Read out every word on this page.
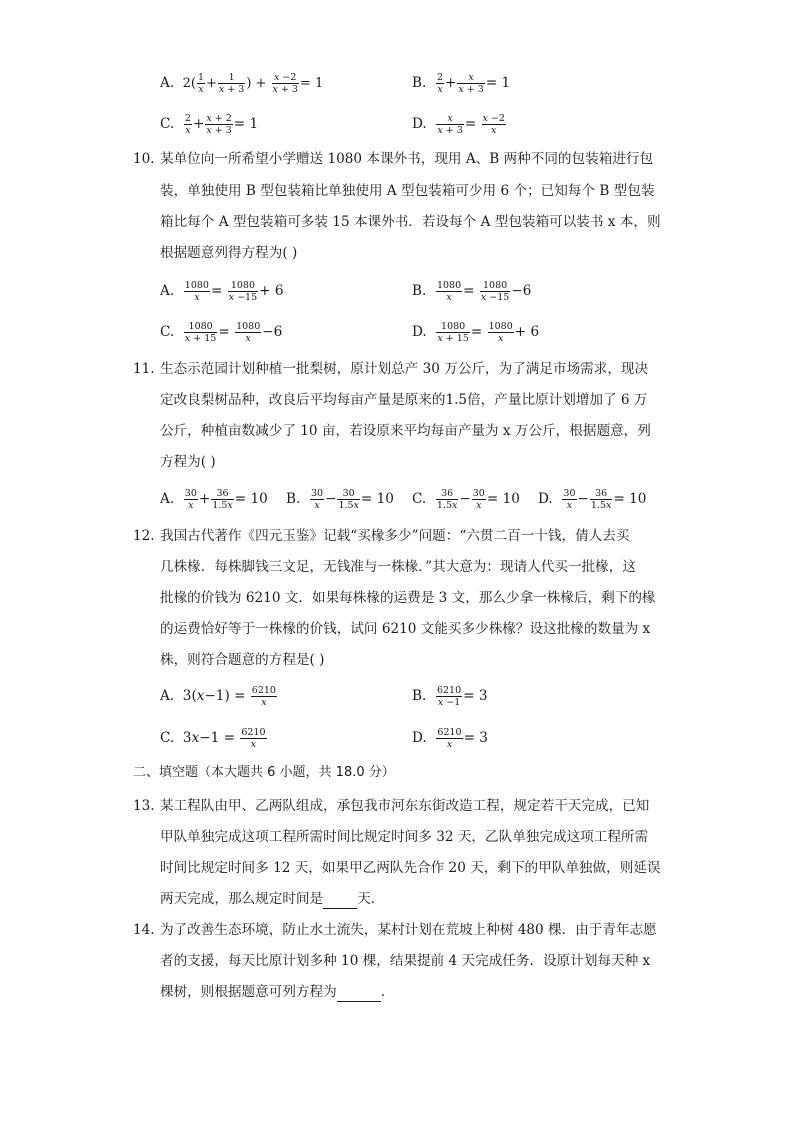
A.  $2( \frac{1}{x} + \frac{1}{x + 3}$ ) + $\frac{x -2}{x + 3} = 1$	B. $\frac{2}{x} + \frac{x}{x + 3} = 1$
C. $\frac{2}{x} + \frac{x + 2}{x + 3} = 1$	D. $\frac{x}{x + 3} = \frac{x -2}{x}$
10. 某单位向一所希望小学赠送 1080 本课外书，现用 A、B 两种不同的包装箱进行包
装，单独使用 B 型包装箱比单独使用 A 型包装箱可少用 6 个；已知每个 B 型包装
箱比每个 A 型包装箱可多装 15 本课外书．若设每个 A 型包装箱可以装书 x 本，则
根据题意列得方程为( )
A. $\frac{1080}{x} = \frac{1080}{x -15} + 6$	B. $\frac{1080}{x} = \frac{1080}{x -15} -6$
C. $\frac{1080}{x + 15} = \frac{1080}{x} -6$	D. $\frac{1080}{x + 15} = \frac{1080}{x} + 6$
11. 生态示范园计划种植一批梨树，原计划总产 30 万公斤，为了满足市场需求，现决
定改良梨树品种，改良后平均每亩产量是原来的1.5倍，产量比原计划增加了 6 万
公斤，种植亩数减少了 10 亩，若设原来平均每亩产量为 x 万公斤，根据题意，列
方程为( )
A. $\frac{30}{x} + \frac{36}{1.5x} = 10$ B. $\frac{30}{x} - \frac{30}{1.5x} = 10$ C. $\frac{36}{1.5x} - \frac{30}{x} = 10$ D. $\frac{30}{x} - \frac{36}{1.5x} = 10$
12. 我国古代著作《四元玉鉴》记载“买椽多少”问题：“六贯二百一十钱，倩人去买
几株椽．每株脚钱三文足，无钱准与一株椽．”其大意为：现请人代买一批椽，这
批椽的价钱为 6210 文．如果每株椽的运费是 3 文，那么少拿一株椽后，剩下的椽
的运费恰好等于一株椽的价钱，试问 6210 文能买多少株椽？设这批椽的数量为 x
株，则符合题意的方程是( )
A.  $3(x-1) = \frac{6210}{x}$	B. $\frac{6210}{x -1} = 3$
C.  $3x-1 = \frac{6210}{x}$	D. $\frac{6210}{x} = 3$
二、填空题（本大题共 6 小题，共 18.0 分）
13. 某工程队由甲、乙两队组成，承包我市河东东街改造工程，规定若干天完成，已知
甲队单独完成这项工程所需时间比规定时间多 32 天，乙队单独完成这项工程所需
时间比规定时间多 12 天，如果甲乙两队先合作 20 天，剩下的甲队单独做，则延误
两天完成，那么规定时间是	天.
14. 为了改善生态环境，防止水土流失，某村计划在荒坡上种树 480 棵．由于青年志愿
者的支援，每天比原计划多种 10 棵，结果提前 4 天完成任务．设原计划每天种 x
棵树，则根据题意可列方程为	.
